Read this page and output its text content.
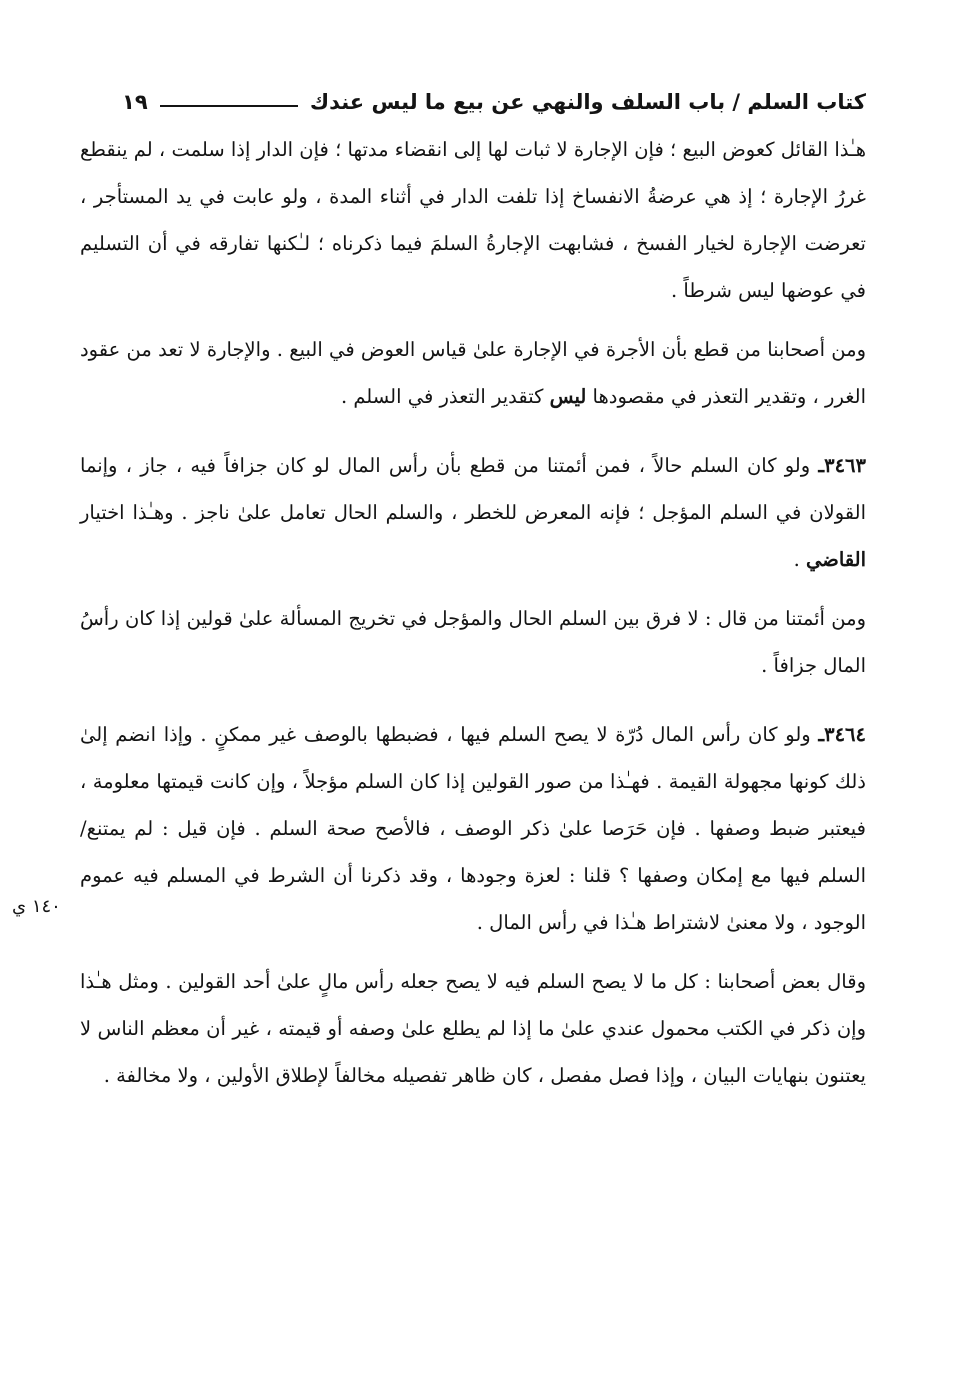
كتاب السلم / باب السلف والنهي عن بيع ما ليس عندك
١٩

هـٰذا القائل كعوض البيع ؛ فإن الإجارة لا ثبات لها إلى انقضاء مدتها ؛ فإن الدار إذا سلمت ، لم ينقطع غررُ الإجارة ؛ إذ هي عرضةُ الانفساخ إذا تلفت الدار في أثناء المدة ، ولو عابت في يد المستأجر ، تعرضت الإجارة لخيار الفسخ ، فشابهت الإجارةُ السلمَ فيما ذكرناه ؛ لـٰكنها تفارقه في أن التسليم في عوضها ليس شرطاً .

ومن أصحابنا من قطع بأن الأجرة في الإجارة علىٰ قياس العوض في البيع . والإجارة لا تعد من عقود الغرر ، وتقدير التعذر في مقصودها ليس كتقدير التعذر في السلم .

٣٤٦٣ـ ولو كان السلم حالاً ، فمن أئمتنا من قطع بأن رأس المال لو كان جزافاً فيه ، جاز ، وإنما القولان في السلم المؤجل ؛ فإنه المعرض للخطر ، والسلم الحال تعامل علىٰ ناجز . وهـٰذا اختيار القاضي .

ومن أئمتنا من قال : لا فرق بين السلم الحال والمؤجل في تخريج المسألة علىٰ قولين إذا كان رأسُ المال جزافاً .

٣٤٦٤ـ ولو كان رأس المال دُرّة لا يصح السلم فيها ، فضبطها بالوصف غير ممكنٍ . وإذا انضم إلىٰ ذلك كونها مجهولة القيمة . فهـٰذا من صور القولين إذا كان السلم مؤجلاً ، وإن كانت قيمتها معلومة ، فيعتبر ضبط وصفها . فإن حَرَصا علىٰ ذكر الوصف ، فالأصح صحة السلم . فإن قيل : لم يمتنع/ السلم فيها مع إمكان وصفها ؟ قلنا : لعزة وجودها ، وقد ذكرنا أن الشرط في المسلم فيه عموم الوجود ، ولا معنىٰ لاشتراط هـٰذا في رأس المال .

وقال بعض أصحابنا : كل ما لا يصح السلم فيه لا يصح جعله رأس مالٍ علىٰ أحد القولين . ومثل هـٰذا وإن ذكر في الكتب محمول عندي علىٰ ما إذا لم يطلع علىٰ وصفه أو قيمته ، غير أن معظم الناس لا يعتنون بنهايات البيان ، وإذا فصل مفصل ، كان ظاهر تفصيله مخالفاً لإطلاق الأولين ، ولا مخالفة .

١٤٠ ي
